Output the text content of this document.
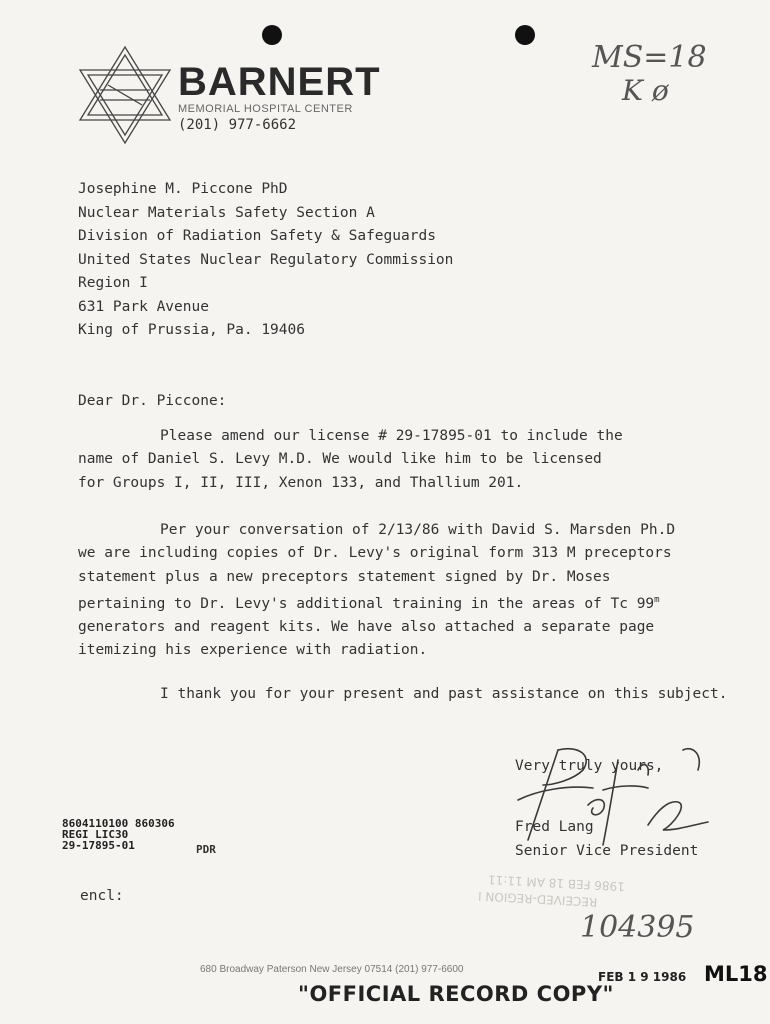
BARNERT
MEMORIAL HOSPITAL CENTER
(201) 977-6662
MS=18
K ø
Josephine M. Piccone PhD
Nuclear Materials Safety Section A
Division of Radiation Safety & Safeguards
United States Nuclear Regulatory Commission
Region I
631 Park Avenue
King of Prussia, Pa. 19406
Dear Dr. Piccone:
Please amend our license # 29-17895-01 to include the
name of Daniel S. Levy M.D. We would like him to be licensed
for Groups I, II, III, Xenon 133, and Thallium 201.
Per your conversation of 2/13/86 with David S. Marsden Ph.D
we are including copies of Dr. Levy's original form 313 M preceptors
statement plus a new preceptors statement signed by Dr. Moses
pertaining to Dr. Levy's additional training in the areas of Tc 99$^m$
generators and reagent kits. We have also attached a separate page
itemizing his experience with radiation.
I thank you for your present and past assistance on this subject.
Very truly yours,
Fred Lang
Senior Vice President
RECEIVED-REGION I
1986 FEB 18 AM 11:11
8604110100 860306
REGI LIC30
29-17895-01	PDR
encl:
104395
680 Broadway Paterson New Jersey 07514 (201) 977-6600
"OFFICIAL RECORD COPY"
FEB 1 9 1986 ML18
